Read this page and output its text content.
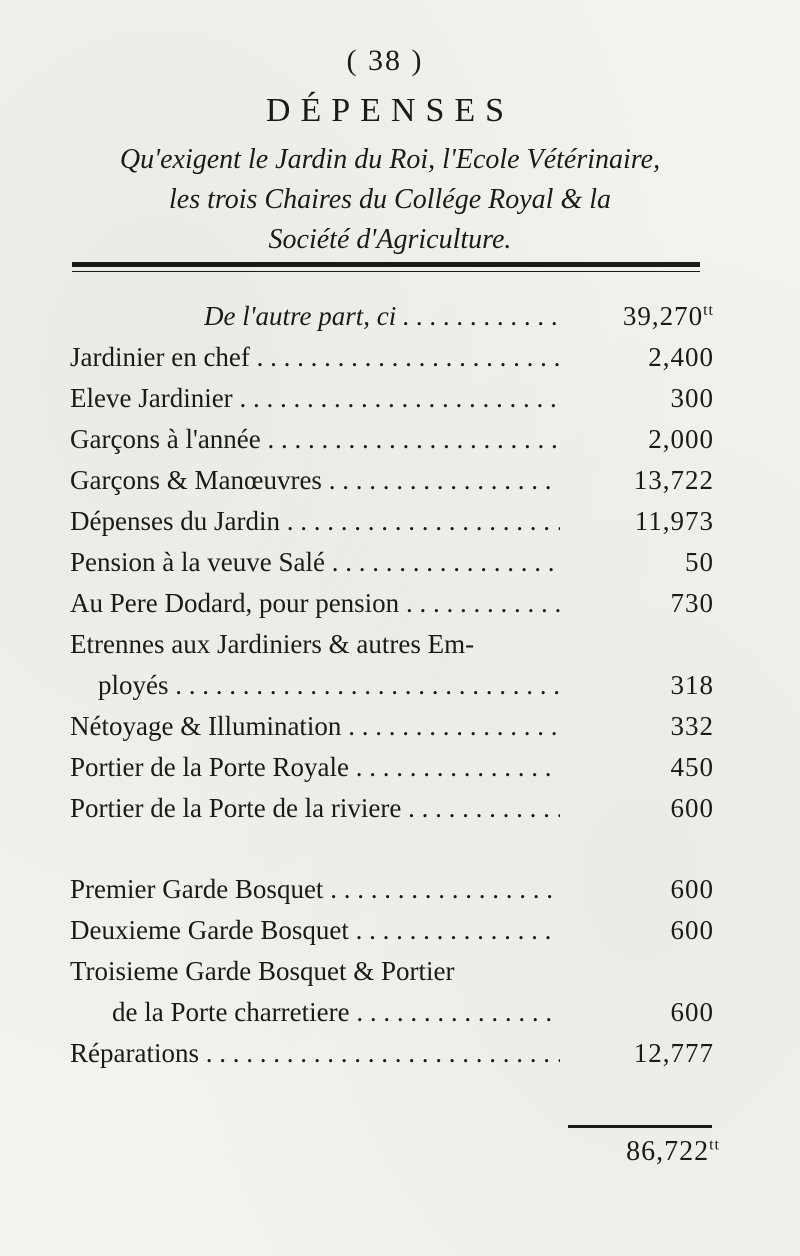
( 38 )
DÉPENSES
Qu'exigent le Jardin du Roi, l'Ecole Vétérinaire,
les trois Chaires du Collége Royal & la
Société d'Agriculture.
De l'autre part, ci . . .	$39,270^{tt}$
Jardinier en chef . . .	2,400
Eleve Jardinier . . .	300
Garçons à l'année . . .	2,000
Garçons & Manœuvres . . .	13,722
Dépenses du Jardin . . .	11,973
Pension à la veuve Salé . . .	50
Au Pere Dodard, pour pension . . .	730
Etrennes aux Jardiniers & autres Em-
ployés . . .	318
Nétoyage & Illumination . . .	332
Portier de la Porte Royale . . .	450
Portier de la Porte de la riviere . . .	600
Premier Garde Bosquet . . .	600
Deuxieme Garde Bosquet . . .	600
Troisieme Garde Bosquet & Portier
de la Porte charretiere . . .	600
Réparations . . .	12,777
$86,722^{tt}$
